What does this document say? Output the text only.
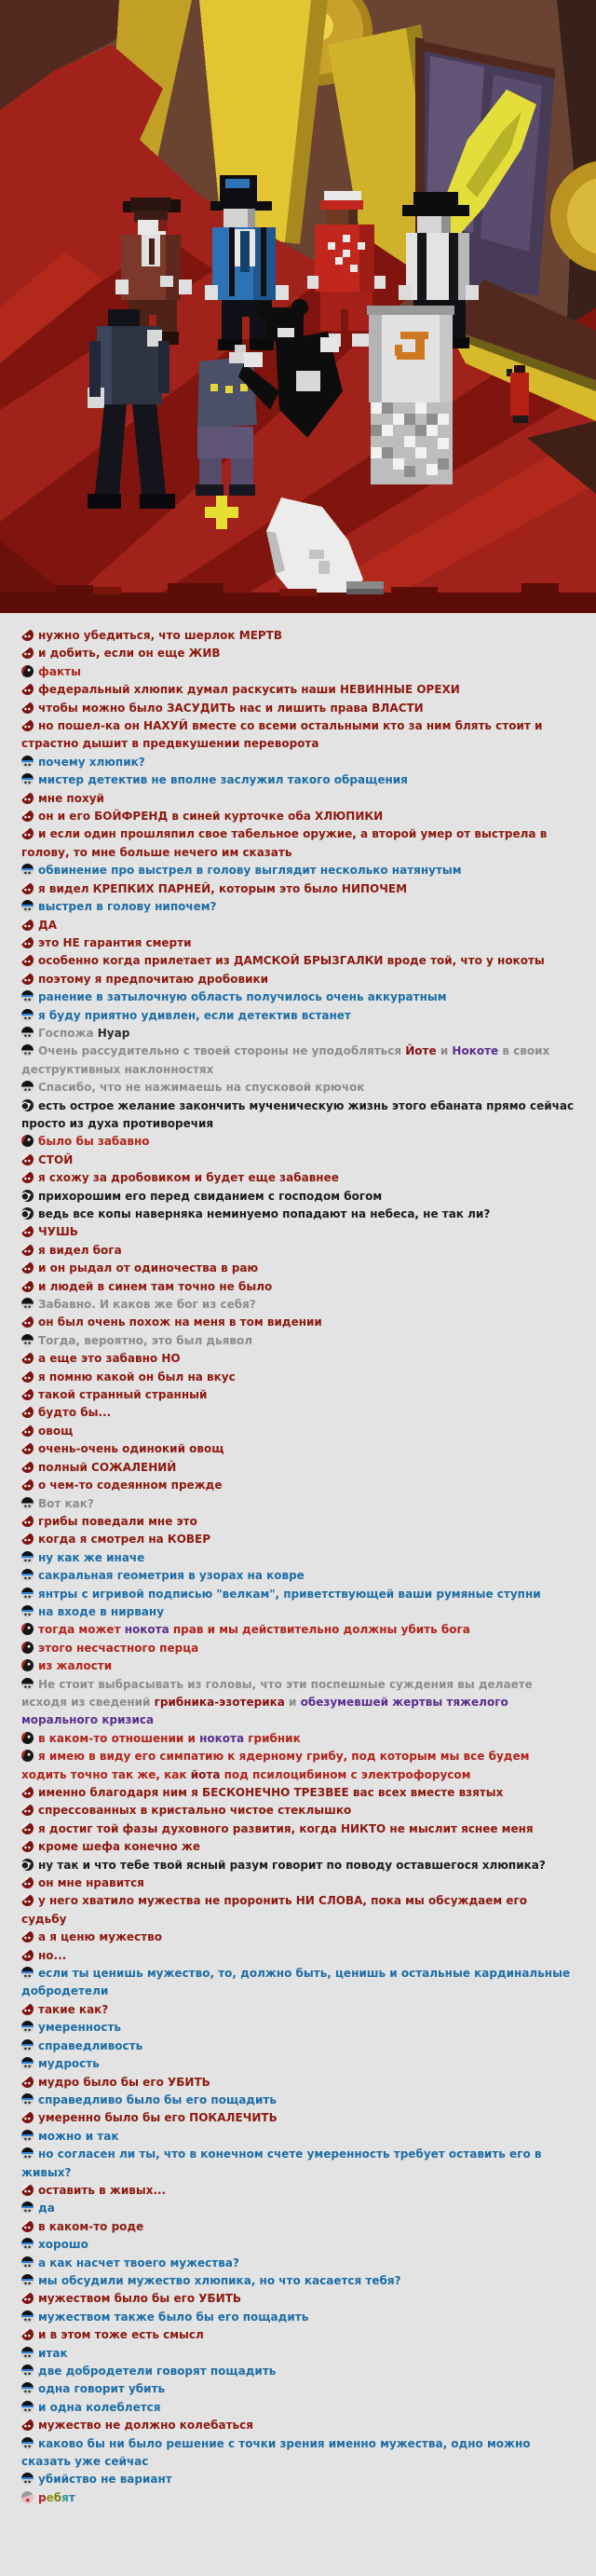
нужно убедиться, что шерлок МЕРТВ
и добить, если он еще ЖИВ
факты
федеральный хлюпик думал раскусить наши НЕВИННЫЕ ОРЕХИ
чтобы можно было ЗАСУДИТЬ нас и лишить права ВЛАСТИ
но пошел-ка он НАХУЙ вместе со всеми остальными кто за ним блять стоит и страстно дышит в предвкушении переворота
почему хлюпик?
мистер детектив не вполне заслужил такого обращения
мне похуй
он и его БОЙФРЕНД в синей курточке оба ХЛЮПИКИ
и если один прошляпил свое табельное оружие, а второй умер от выстрела в голову, то мне больше нечего им сказать
обвинение про выстрел в голову выглядит несколько натянутым
я видел КРЕПКИХ ПАРНЕЙ, которым это было НИПОЧЕМ
выстрел в голову нипочем?
ДА
это НЕ гарантия смерти
особенно когда прилетает из ДАМСКОЙ БРЫЗГАЛКИ вроде той, что у нокоты
поэтому я предпочитаю дробовики
ранение в затылочную область получилось очень аккуратным
я буду приятно удивлен, если детектив встанет
Госпожа Нуар
Очень рассудительно с твоей стороны не уподобляться Йоте и Нокоте в своих деструктивных наклонностях
Спасибо, что не нажимаешь на спусковой крючок
есть острое желание закончить мученическую жизнь этого ебаната прямо сейчас просто из духа противоречия
было бы забавно
СТОЙ
я схожу за дробовиком и будет еще забавнее
прихорошим его перед свиданием с господом богом
ведь все копы наверняка неминуемо попадают на небеса, не так ли?
ЧУШЬ
я видел бога
и он рыдал от одиночества в раю
и людей в синем там точно не было
Забавно. И каков же бог из себя?
он был очень похож на меня в том видении
Тогда, вероятно, это был дьявол
а еще это забавно НО
я помню какой он был на вкус
такой странный странный
будто бы...
овощ
очень-очень одинокий овощ
полный СОЖАЛЕНИЙ
о чем-то содеянном прежде
Вот как?
грибы поведали мне это
когда я смотрел на КОВЕР
ну как же иначе
сакральная геометрия в узорах на ковре
янтры с игривой подписью "велкам", приветствующей ваши румяные ступни
на входе в нирвану
тогда может нокота прав и мы действительно должны убить бога
этого несчастного перца
из жалости
Не стоит выбрасывать из головы, что эти поспешные суждения вы делаете исходя из сведений грибника-эзотерика и обезумевшей жертвы тяжелого морального кризиса
в каком-то отношении и нокота грибник
я имею в виду его симпатию к ядерному грибу, под которым мы все будем ходить точно так же, как йота под псилоцибином с электрофорусом
именно благодаря ним я БЕСКОНЕЧНО ТРЕЗВЕЕ вас всех вместе взятых
спрессованных в кристально чистое стеклышко
я достиг той фазы духовного развития, когда НИКТО не мыслит яснее меня
кроме шефа конечно же
ну так и что тебе твой ясный разум говорит по поводу оставшегося хлюпика?
он мне нравится
у него хватило мужества не проронить НИ СЛОВА, пока мы обсуждаем его судьбу
а я ценю мужество
но...
если ты ценишь мужество, то, должно быть, ценишь и остальные кардинальные добродетели
такие как?
умеренность
справедливость
мудрость
мудро было бы его УБИТЬ
справедливо было бы его пощадить
умеренно было бы его ПОКАЛЕЧИТЬ
можно и так
но согласен ли ты, что в конечном счете умеренность требует оставить его в живых?
оставить в живых...
да
в каком-то роде
хорошо
а как насчет твоего мужества?
мы обсудили мужество хлюпика, но что касается тебя?
мужеством было бы его УБИТЬ
мужеством также было бы его пощадить
и в этом тоже есть смысл
итак
две добродетели говорят пощадить
одна говорит убить
и одна колеблется
мужество не должно колебаться
каково бы ни было решение с точки зрения именно мужества, одно можно сказать уже сейчас
убийство не вариант
ребят
